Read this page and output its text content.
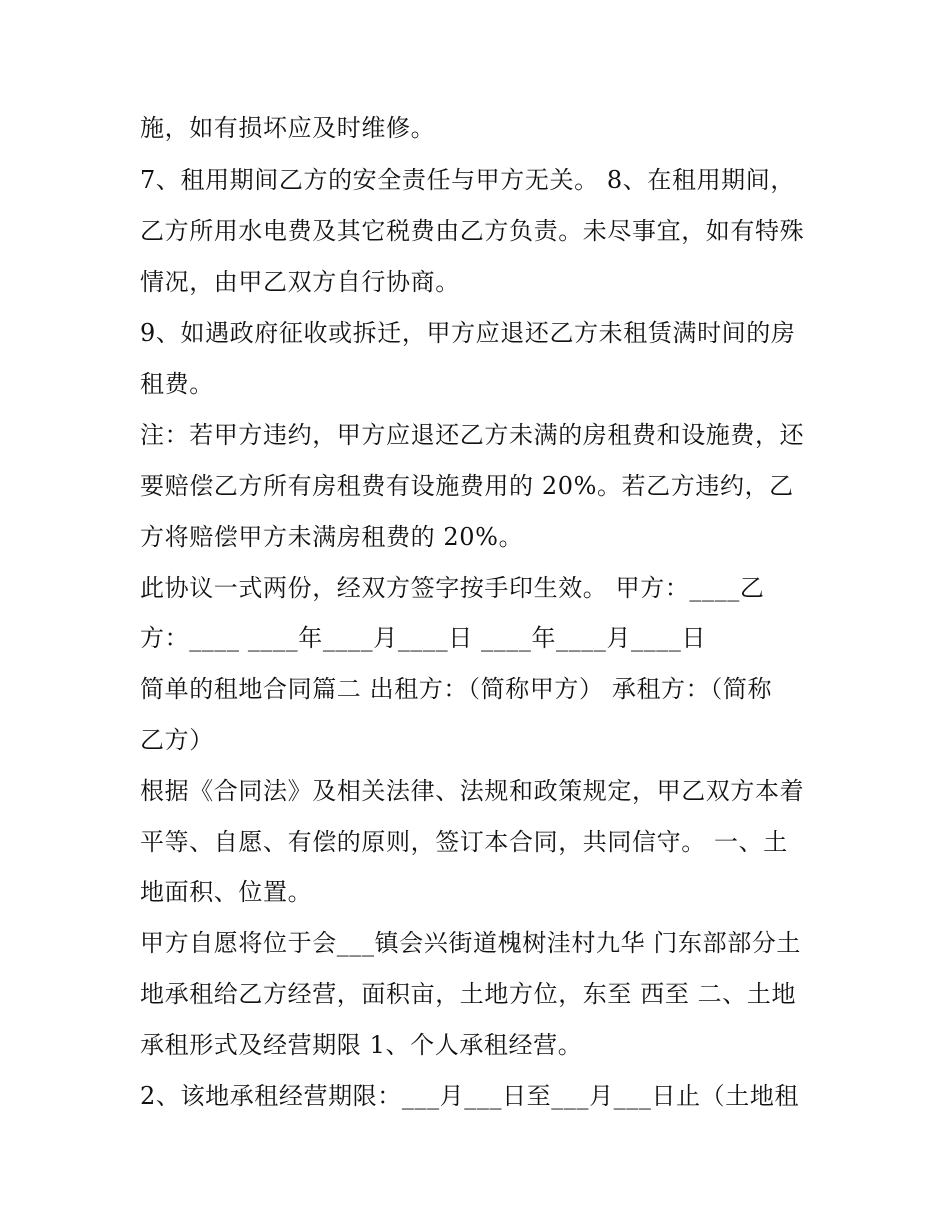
施，如有损坏应及时维修。
7、租用期间乙方的安全责任与甲方无关。 8、在租用期间，
乙方所用水电费及其它税费由乙方负责。未尽事宜，如有特殊
情况，由甲乙双方自行协商。
9、如遇政府征收或拆迁，甲方应退还乙方未租赁满时间的房
租费。
注：若甲方违约，甲方应退还乙方未满的房租费和设施费，还
要赔偿乙方所有房租费有设施费用的 20%。若乙方违约，乙
方将赔偿甲方未满房租费的 20%。
此协议一式两份，经双方签字按手印生效。 甲方：____乙
方：____ ____年____月____日 ____年____月____日
简单的租地合同篇二 出租方：（简称甲方） 承租方：（简称
乙方）
根据《合同法》及相关法律、法规和政策规定，甲乙双方本着
平等、自愿、有偿的原则，签订本合同，共同信守。 一、土
地面积、位置。
甲方自愿将位于会___镇会兴街道槐树洼村九华 门东部部分土
地承租给乙方经营，面积亩，土地方位，东至 西至 二、土地
承租形式及经营期限 1、个人承租经营。
2、该地承租经营期限：___月___日至___月___日止（土地租
